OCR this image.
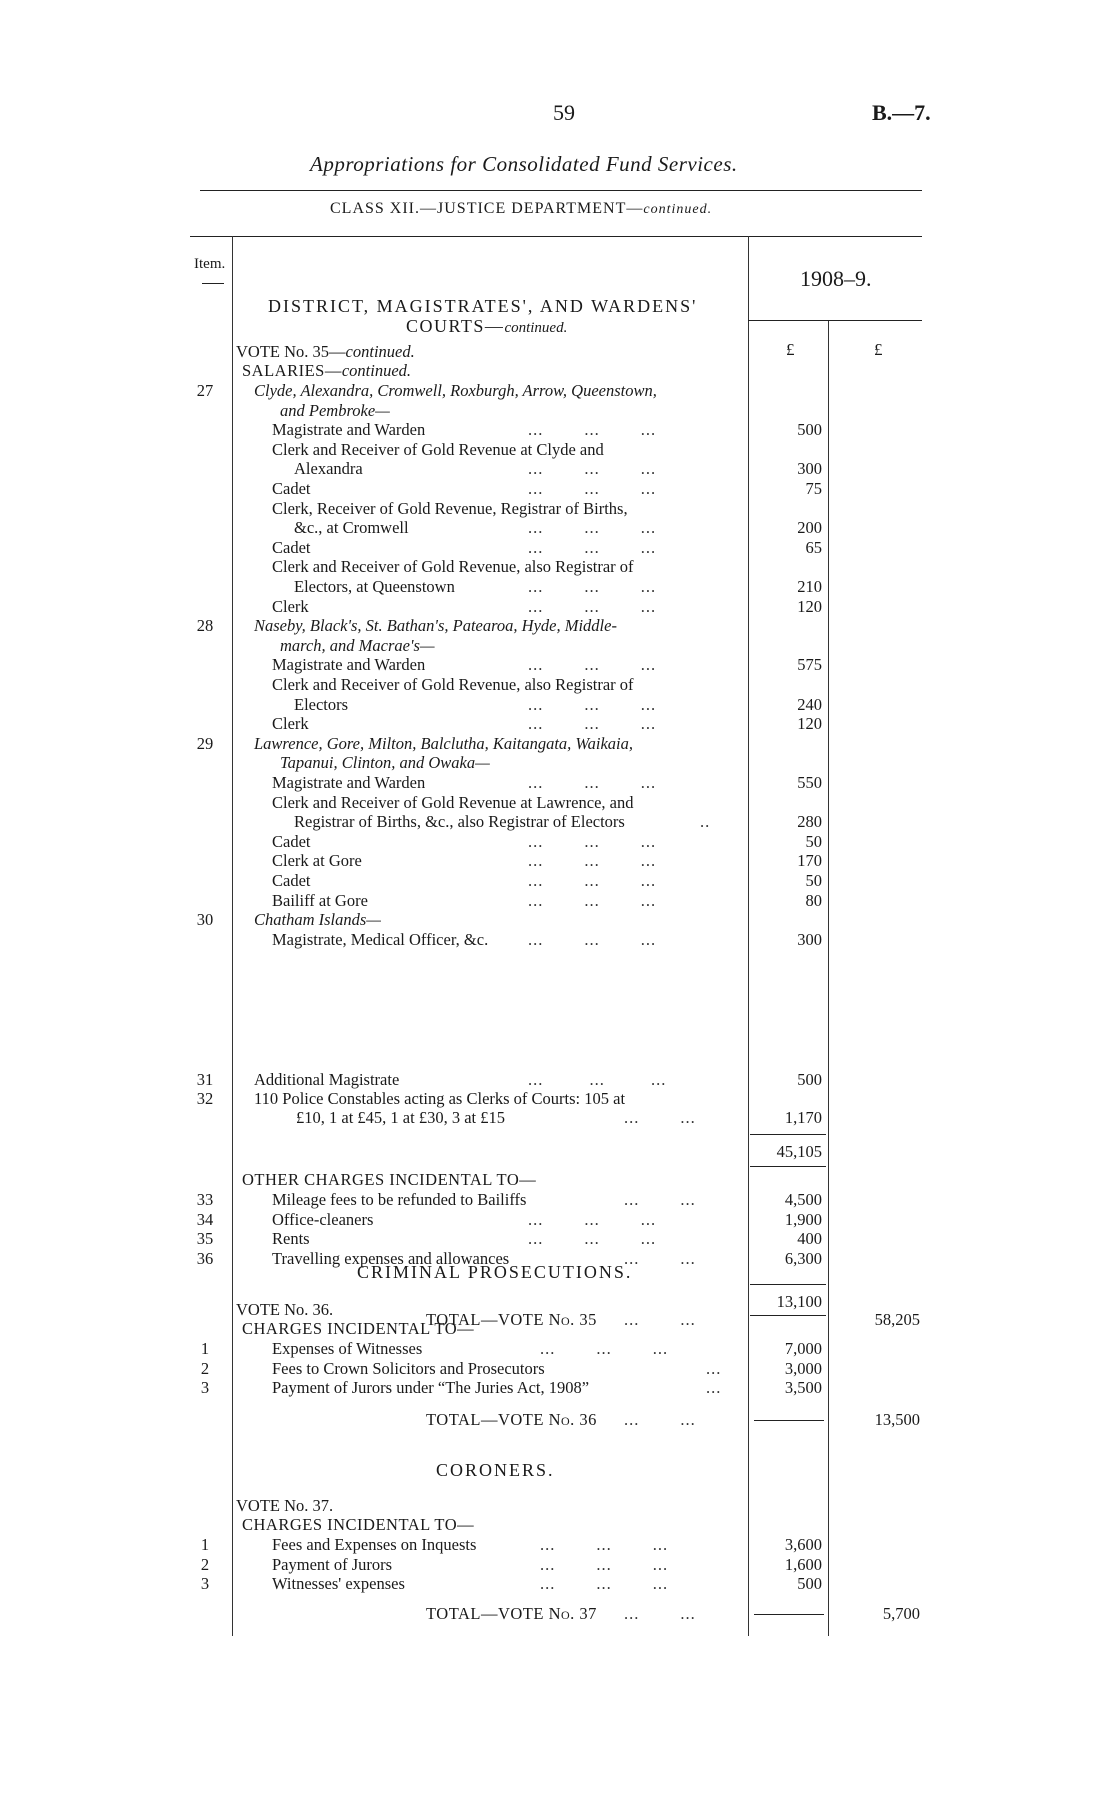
59	B.—7.
Appropriations for Consolidated Fund Services.
CLASS XII.—JUSTICE DEPARTMENT—continued.
Item.
1908–9.
£	£
DISTRICT, MAGISTRATES', AND WARDENS'
COURTS—continued.
VOTE No. 35—continued.
SALARIES—continued.
27	Clyde, Alexandra, Cromwell, Roxburgh, Arrow, Queenstown,
and Pembroke—
Magistrate and Warden	...        ...        ...	500
Clerk and Receiver of Gold Revenue at Clyde and
Alexandra	...        ...        ...	300
Cadet	...        ...        ...	75
Clerk, Receiver of Gold Revenue, Registrar of Births,
&c., at Cromwell	...        ...        ...	200
Cadet	...        ...        ...	65
Clerk and Receiver of Gold Revenue, also Registrar of
Electors, at Queenstown	...        ...        ...	210
Clerk	...        ...        ...	120
28	Naseby, Black's, St. Bathan's, Patearoa, Hyde, Middle-
march, and Macrae's—
Magistrate and Warden	...        ...        ...	575
Clerk and Receiver of Gold Revenue, also Registrar of
Electors	...        ...        ...	240
Clerk	...        ...        ...	120
29	Lawrence, Gore, Milton, Balclutha, Kaitangata, Waikaia,
Tapanui, Clinton, and Owaka—
Magistrate and Warden	...        ...        ...	550
Clerk and Receiver of Gold Revenue at Lawrence, and
Registrar of Births, &c., also Registrar of Electors	..	280
Cadet	...        ...        ...	50
Clerk at Gore	...        ...        ...	170
Cadet	...        ...        ...	50
Bailiff at Gore	...        ...        ...	80
30	Chatham Islands—
Magistrate, Medical Officer, &c. ...        ...        ...	300
31	Additional Magistrate	...         ...         ...	500
32	110 Police Constables acting as Clerks of Courts: 105 at
£10, 1 at £45, 1 at £30, 3 at £15	...        ...	1,170
45,105
OTHER CHARGES INCIDENTAL TO—
33	Mileage fees to be refunded to Bailiffs	...        ...	4,500
34	Office-cleaners	...        ...        ...	1,900
35	Rents	...        ...        ...	400
36	Travelling expenses and allowances	...        ...	6,300
13,100
TOTAL—VOTE No. 35 ...        ...	58,205
CRIMINAL PROSECUTIONS.
VOTE No. 36.
CHARGES INCIDENTAL TO—
1	Expenses of Witnesses	...        ...        ...	7,000
2	Fees to Crown Solicitors and Prosecutors	...	3,000
3	Payment of Jurors under “The Juries Act, 1908”	...	3,500
TOTAL—VOTE No. 36 ...        ...	13,500
CORONERS.
VOTE No. 37.
CHARGES INCIDENTAL TO—
1	Fees and Expenses on Inquests	...        ...        ...	3,600
2	Payment of Jurors	...        ...        ...	1,600
3	Witnesses' expenses	...        ...        ...	500
TOTAL—VOTE No. 37 ...        ...	5,700
